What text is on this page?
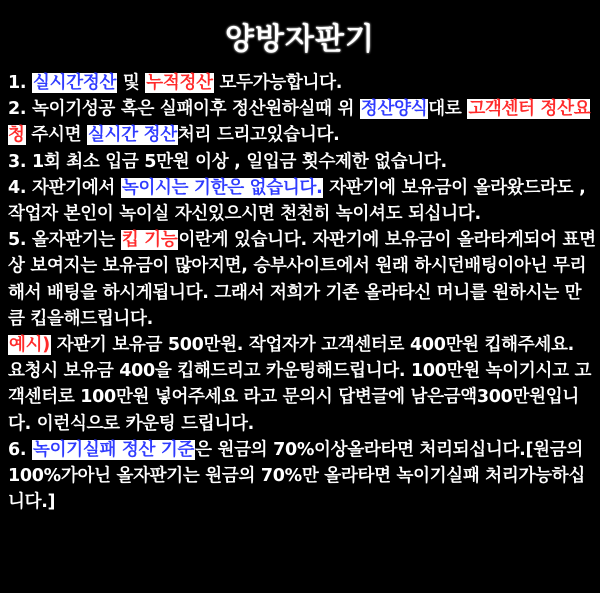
양방자판기

1. 실시간정산 및 누적정산 모두가능합니다.

2. 녹이기성공 혹은 실패이후 정산원하실때 위 정산양식대로 고객센터 정산요청 주시면 실시간 정산처리 드리고있습니다.

3. 1회 최소 입금 5만원 이상 , 일입금 횟수제한 없습니다.

4. 자판기에서 녹이시는 기한은 없습니다. 자판기에 보유금이 올라왔드라도 , 작업자 본인이 녹이실 자신있으시면 천천히 녹이셔도 되십니다.

5. 올자판기는 킵 기능이란게 있습니다. 자판기에 보유금이 올라타게되어 표면상 보여지는 보유금이 많아지면, 승부사이트에서 원래 하시던배팅이아닌 무리해서 배팅을 하시게됩니다. 그래서 저희가 기존 올라타신 머니를 원하시는 만큼 킵을해드립니다.

예시) 자판기 보유금 500만원. 작업자가 고객센터로 400만원 킵해주세요. 요청시 보유금 400을 킵해드리고 카운팅해드립니다. 100만원 녹이기시고 고객센터로 100만원 넣어주세요 라고 문의시 답변글에 남은금액300만원입니다. 이런식으로 카운팅 드립니다.

6. 녹이기실패 정산 기준은 원금의 70%이상올라타면 처리되십니다.[원금의 100%가아닌 올자판기는 원금의 70%만 올라타면 녹이기실패 처리가능하십니다.]
